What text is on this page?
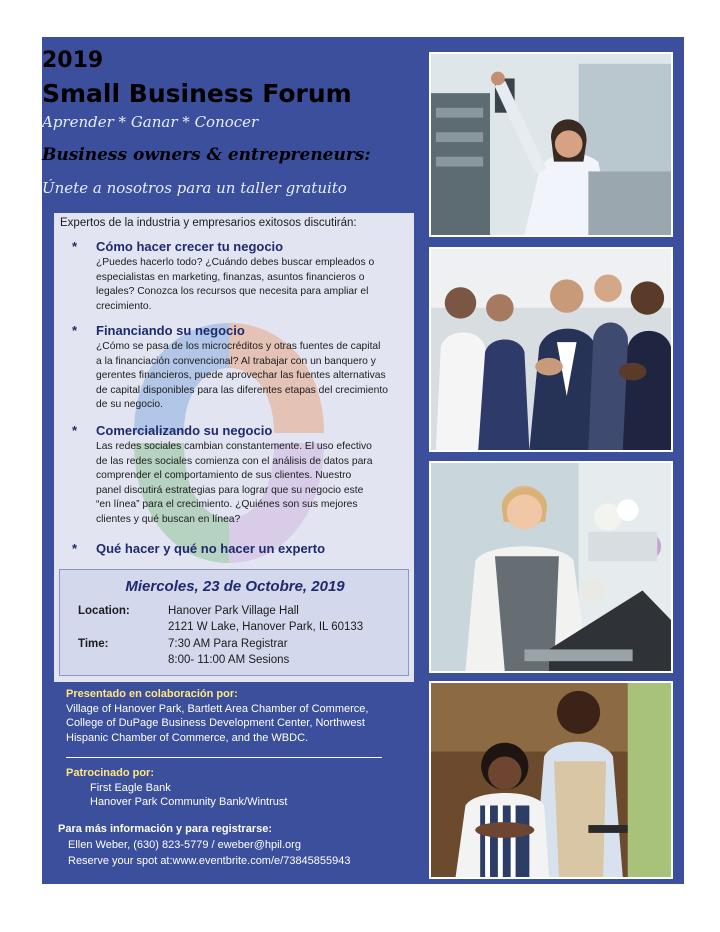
2019
Small Business Forum
Aprender * Ganar * Conocer
Business owners & entrepreneurs:
Únete a nosotros para un taller gratuito
Expertos de la industria y empresarios exitosos discutirán:
* Cómo hacer crecer tu negocio
¿Puedes hacerlo todo? ¿Cuándo debes buscar empleados o
especialistas en marketing, finanzas, asuntos financieros o
legales? Conozca los recursos que necesita para ampliar el
crecimiento.
* Financiando su negocio
¿Cómo se pasa de los microcréditos y otras fuentes de capital
a la financiación convencional? Al trabajar con un banquero y
gerentes financieros, puede aprovechar las fuentes alternativas
de capital disponibles para las diferentes etapas del crecimiento
de su negocio.
* Comercializando su negocio
Las redes sociales cambian constantemente. El uso efectivo
de las redes sociales comienza con el análisis de datos para
comprender el comportamiento de sus clientes. Nuestro
panel discutirá estrategias para lograr que su negocio este
“en línea” para el crecimiento. ¿Quiénes son sus mejores
clientes y qué buscan en línea?
* Qué hacer y qué no hacer un experto
Miercoles, 23 de Octobre, 2019
Location:	Hanover Park Village Hall
2121 W Lake, Hanover Park, IL 60133
Time:	7:30 AM Para Registrar
8:00- 11:00 AM Sesions
Presentado en colaboración por:
Village of Hanover Park, Bartlett Area Chamber of Commerce,
College of DuPage Business Development Center, Northwest
Hispanic Chamber of Commerce, and the WBDC.
Patrocinado por:
First Eagle Bank
Hanover Park Community Bank/Wintrust
Para más información y para registrarse:
Ellen Weber, (630) 823-5779 / eweber@hpil.org
Reserve your spot at:www.eventbrite.com/e/73845855943
